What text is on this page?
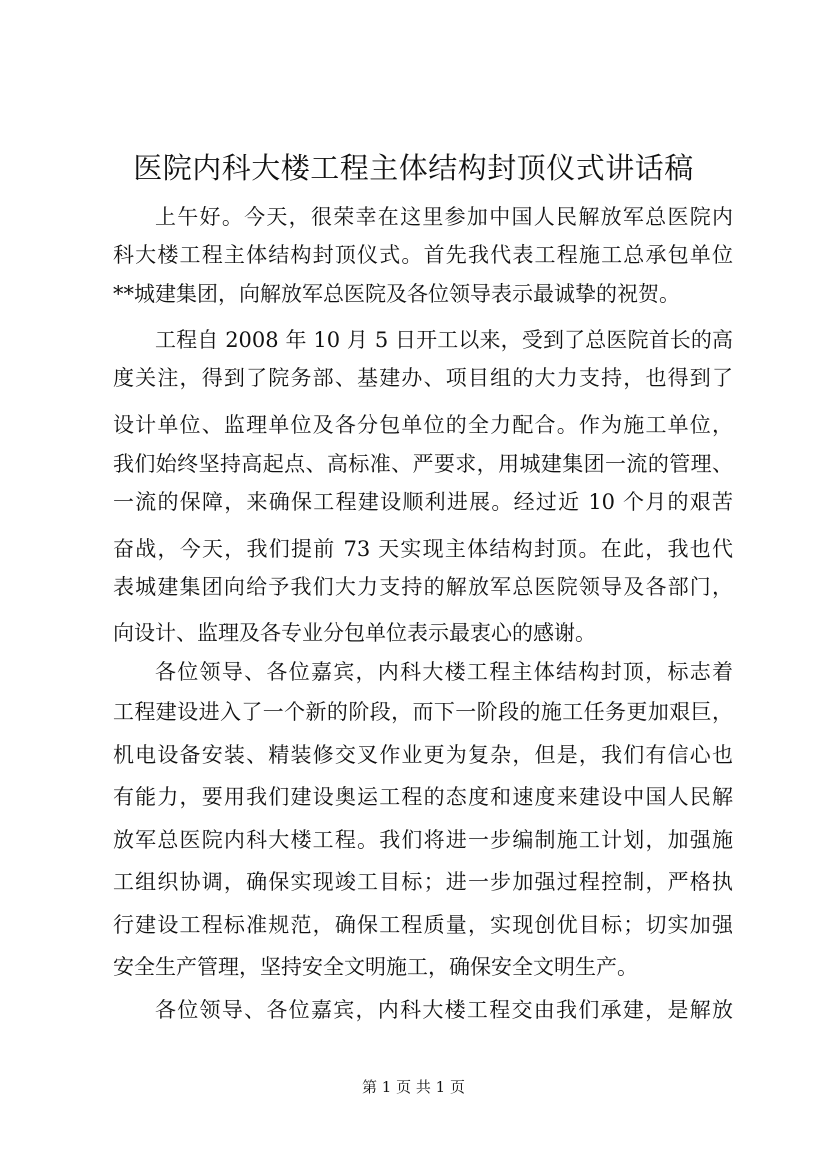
医院内科大楼工程主体结构封顶仪式讲话稿
上午好。今天，很荣幸在这里参加中国人民解放军总医院内
科大楼工程主体结构封顶仪式。首先我代表工程施工总承包单位
**城建集团，向解放军总医院及各位领导表示最诚挚的祝贺。
工程自 2008 年 10 月 5 日开工以来，受到了总医院首长的高
度关注，得到了院务部、基建办、项目组的大力支持，也得到了
设计单位、监理单位及各分包单位的全力配合。作为施工单位，
我们始终坚持高起点、高标准、严要求，用城建集团一流的管理、
一流的保障，来确保工程建设顺利进展。经过近 10 个月的艰苦
奋战，今天，我们提前 73 天实现主体结构封顶。在此，我也代
表城建集团向给予我们大力支持的解放军总医院领导及各部门，
向设计、监理及各专业分包单位表示最衷心的感谢。
各位领导、各位嘉宾，内科大楼工程主体结构封顶，标志着
工程建设进入了一个新的阶段，而下一阶段的施工任务更加艰巨，
机电设备安装、精装修交叉作业更为复杂，但是，我们有信心也
有能力，要用我们建设奥运工程的态度和速度来建设中国人民解
放军总医院内科大楼工程。我们将进一步编制施工计划，加强施
工组织协调，确保实现竣工目标；进一步加强过程控制，严格执
行建设工程标准规范，确保工程质量，实现创优目标；切实加强
安全生产管理，坚持安全文明施工，确保安全文明生产。
各位领导、各位嘉宾，内科大楼工程交由我们承建，是解放
第 1 页 共 1 页
